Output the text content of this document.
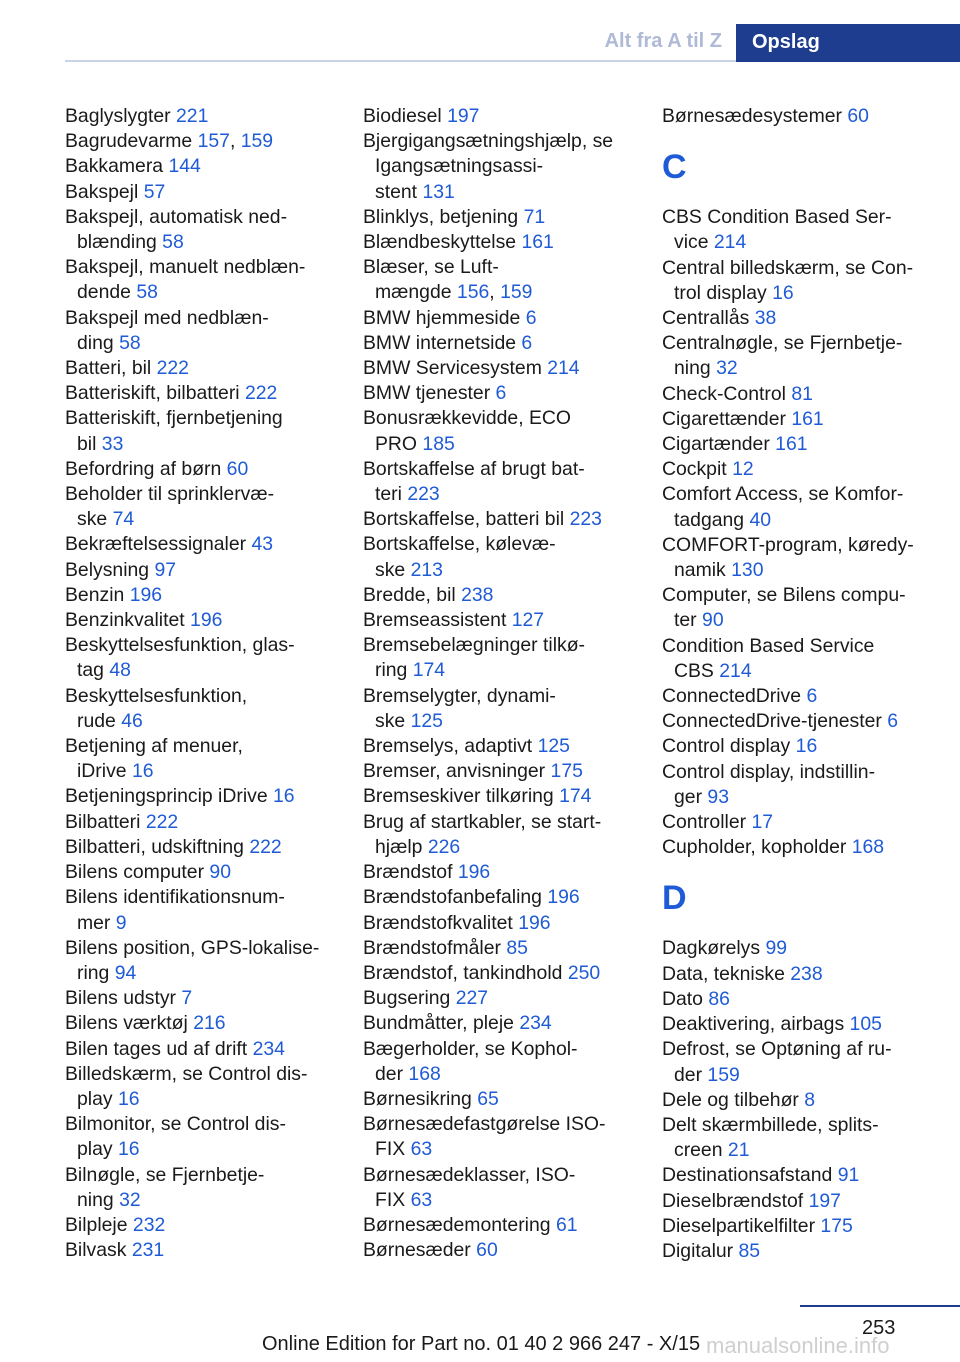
Alt fra A til Z	Opslag
Baglyslygter 221
Bagrudevarme 157, 159
Bakkamera 144
Bakspejl 57
Bakspejl, automatisk ned‐
blænding 58
Bakspejl, manuelt nedblæn‐
dende 58
Bakspejl med nedblæn‐
ding 58
Batteri, bil 222
Batteriskift, bilbatteri 222
Batteriskift, fjernbetjening
bil 33
Befordring af børn 60
Beholder til sprinklervæ‐
ske 74
Bekræftelsessignaler 43
Belysning 97
Benzin 196
Benzinkvalitet 196
Beskyttelsesfunktion, glas‐
tag 48
Beskyttelsesfunktion,
rude 46
Betjening af menuer,
iDrive 16
Betjeningsprincip iDrive 16
Bilbatteri 222
Bilbatteri, udskiftning 222
Bilens computer 90
Bilens identifikationsnum‐
mer 9
Bilens position, GPS-lokalise‐
ring 94
Bilens udstyr 7
Bilens værktøj 216
Bilen tages ud af drift 234
Billedskærm, se Control dis‐
play 16
Bilmonitor, se Control dis‐
play 16
Bilnøgle, se Fjernbetje‐
ning 32
Bilpleje 232
Bilvask 231
Biodiesel 197
Bjergigangsætningshjælp, se
Igangsætningsassi‐
stent 131
Blinklys, betjening 71
Blændbeskyttelse 161
Blæser, se Luft‐
mængde 156, 159
BMW hjemmeside 6
BMW internetside 6
BMW Servicesystem 214
BMW tjenester 6
Bonusrækkevidde, ECO
PRO 185
Bortskaffelse af brugt bat‐
teri 223
Bortskaffelse, batteri bil 223
Bortskaffelse, kølevæ‐
ske 213
Bredde, bil 238
Bremseassistent 127
Bremsebelægninger tilkø‐
ring 174
Bremselygter, dynami‐
ske 125
Bremselys, adaptivt 125
Bremser, anvisninger 175
Bremseskiver tilkøring 174
Brug af startkabler, se start‐
hjælp 226
Brændstof 196
Brændstofanbefaling 196
Brændstofkvalitet 196
Brændstofmåler 85
Brændstof, tankindhold 250
Bugsering 227
Bundmåtter, pleje 234
Bægerholder, se Kophol‐
der 168
Børnesikring 65
Børnesædefastgørelse ISO-
FIX 63
Børnesædeklasser, ISO-
FIX 63
Børnesædemontering 61
Børnesæder 60
Børnesædesystemer 60
C
CBS Condition Based Ser‐
vice 214
Central billedskærm, se Con‐
trol display 16
Centrallås 38
Centralnøgle, se Fjernbetje‐
ning 32
Check-Control 81
Cigarettænder 161
Cigartænder 161
Cockpit 12
Comfort Access, se Komfor‐
tadgang 40
COMFORT-program, køredy‐
namik 130
Computer, se Bilens compu‐
ter 90
Condition Based Service
CBS 214
ConnectedDrive 6
ConnectedDrive-tjenester 6
Control display 16
Control display, indstillin‐
ger 93
Controller 17
Cupholder, kopholder 168
D
Dagkørelys 99
Data, tekniske 238
Dato 86
Deaktivering, airbags 105
Defrost, se Optøning af ru‐
der 159
Dele og tilbehør 8
Delt skærmbillede, splits‐
creen 21
Destinationsafstand 91
Dieselbrændstof 197
Dieselpartikelfilter 175
Digitalur 85
253
Online Edition for Part no. 01 40 2 966 247 - X/15 manualsonline.info
